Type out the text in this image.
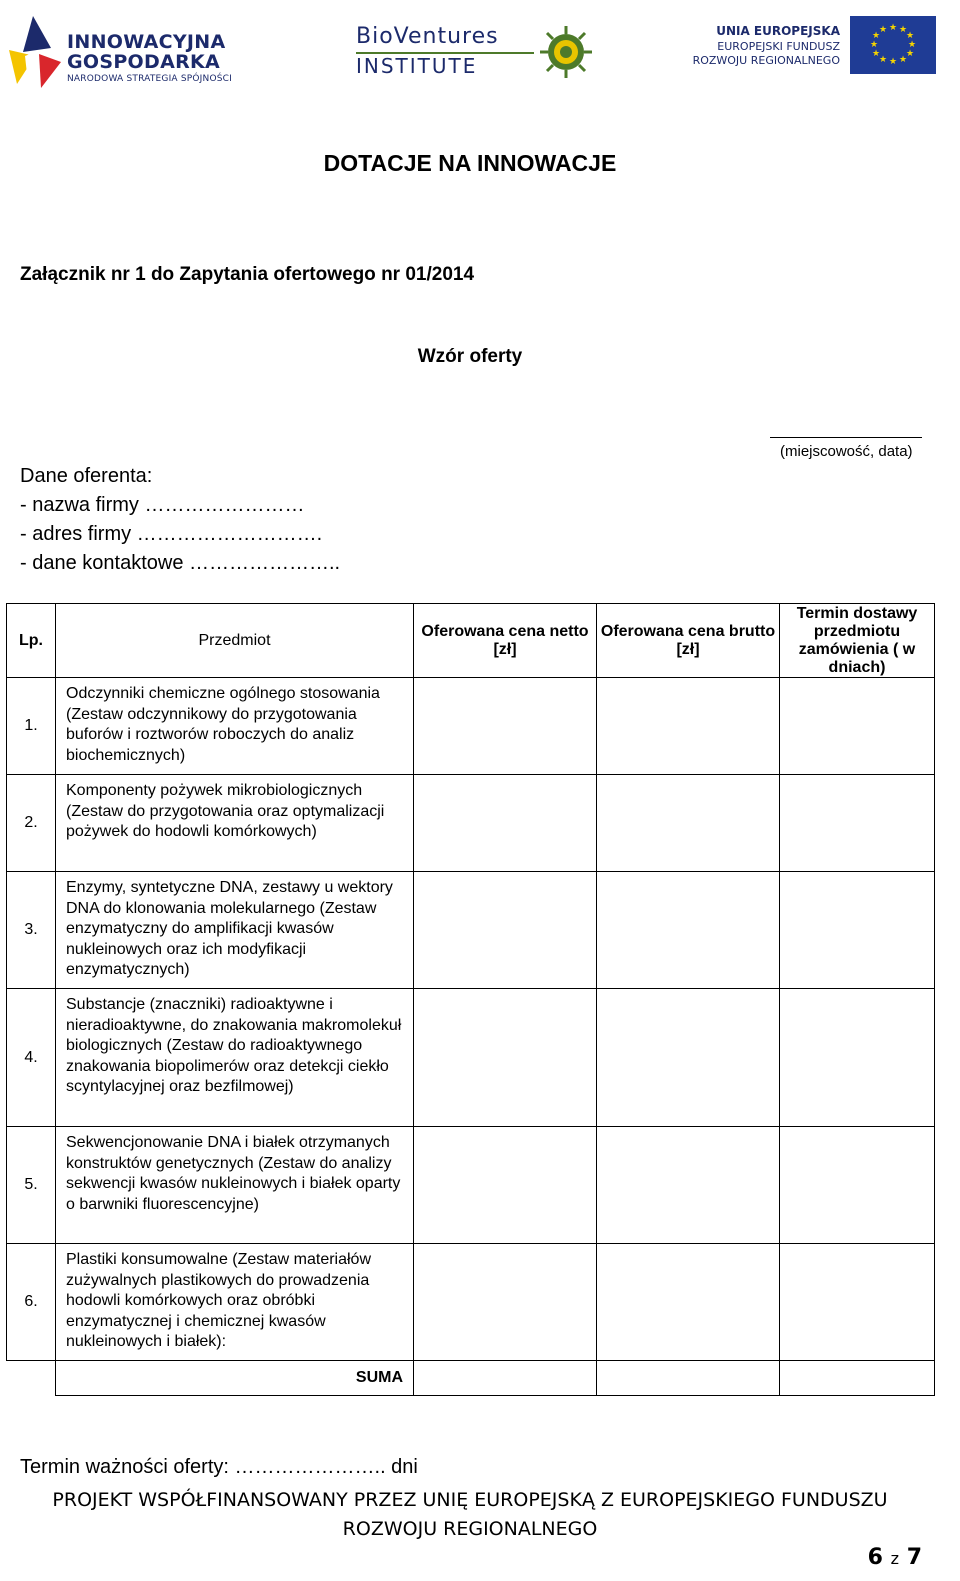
INNOWACYJNA
GOSPODARKA
NARODOWA STRATEGIA SPÓJNOŚCI
BioVentures
INSTITUTE
UNIA EUROPEJSKA
EUROPEJSKI FUNDUSZ
ROZWOJU REGIONALNEGO
★ ★
★
★
★
★
★
★
★
★
★
★
DOTACJE NA INNOWACJE
Załącznik nr 1 do Zapytania ofertowego nr 01/2014
Wzór oferty
(miejscowość, data)
Dane oferenta:
- nazwa firmy ……………………
- adres firmy ……………………….
- dane kontaktowe …………………..
Lp.	Przedmiot	Oferowana cena netto [zł]	Oferowana cena brutto [zł]	Termin dostawy przedmiotu zamówienia ( w dniach)
1.	Odczynniki chemiczne ogólnego stosowania (Zestaw odczynnikowy do przygotowania buforów i roztworów roboczych do analiz biochemicznych)			
2.	Komponenty pożywek mikrobiologicznych (Zestaw do przygotowania oraz optymalizacji pożywek do hodowli komórkowych)			
3.	Enzymy, syntetyczne DNA, zestawy u wektory DNA do klonowania molekularnego (Zestaw enzymatyczny do amplifikacji kwasów nukleinowych oraz ich modyfikacji enzymatycznych)			
4.	Substancje (znaczniki) radioaktywne i nieradioaktywne, do znakowania makromolekuł biologicznych (Zestaw do radioaktywnego znakowania biopolimerów oraz detekcji ciekło scyntylacyjnej oraz bezfilmowej)			
5.	Sekwencjonowanie DNA i białek otrzymanych konstruktów genetycznych (Zestaw do analizy sekwencji kwasów nukleinowych i białek oparty o barwniki fluorescencyjne)			
6.	Plastiki konsumowalne (Zestaw materiałów zużywalnych plastikowych do prowadzenia hodowli komórkowych oraz obróbki enzymatycznej i chemicznej kwasów nukleinowych i białek):			
	SUMA			
Termin ważności oferty: ………………….. dni
PROJEKT WSPÓŁFINANSOWANY PRZEZ UNIĘ EUROPEJSKĄ Z EUROPEJSKIEGO FUNDUSZU
ROZWOJU REGIONALNEGO
6 z 7
